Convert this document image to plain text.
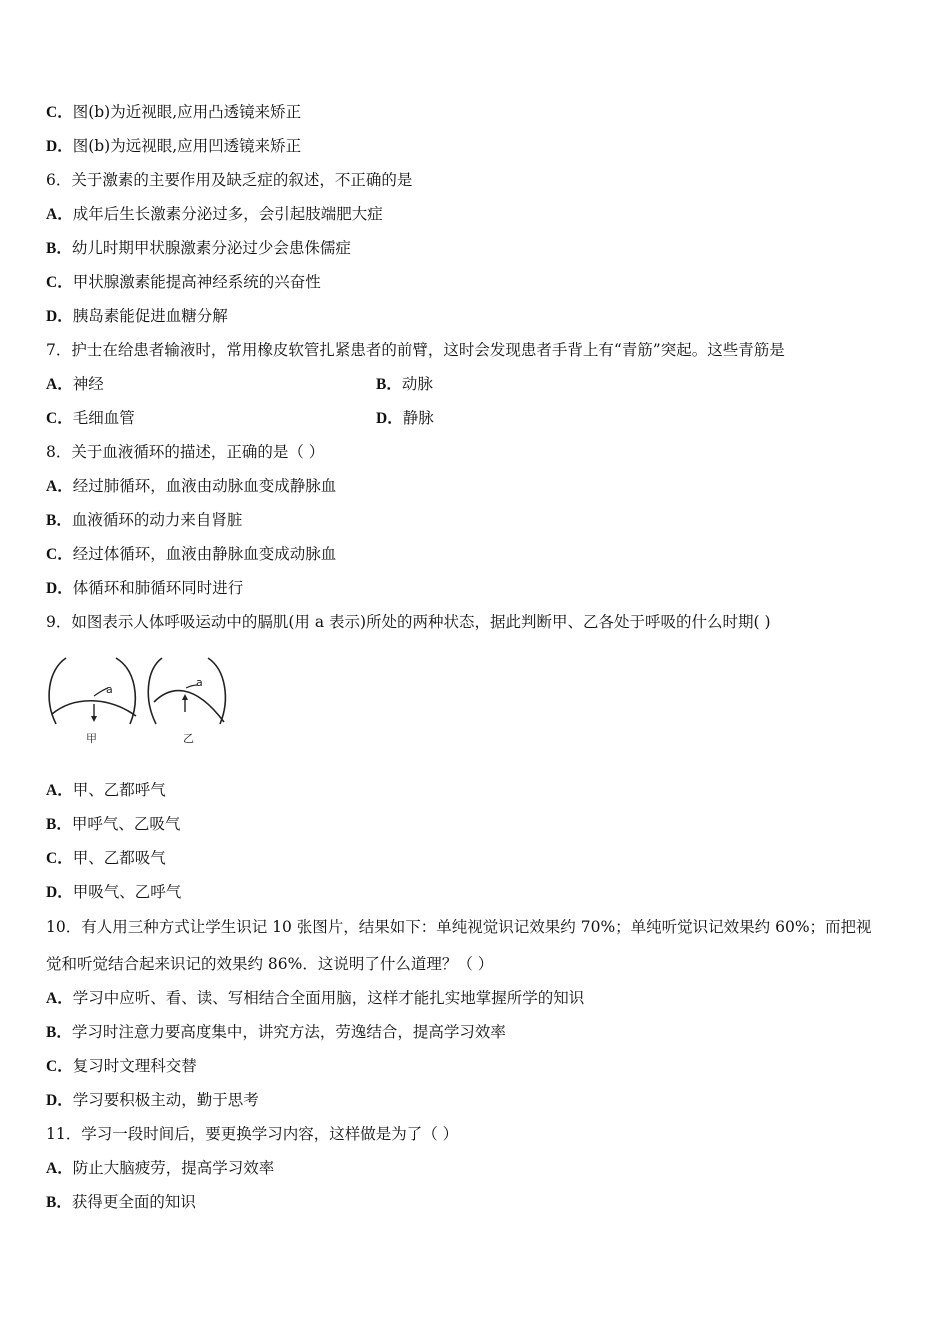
C．图(b)为近视眼,应用凸透镜来矫正
D．图(b)为远视眼,应用凹透镜来矫正
6．关于激素的主要作用及缺乏症的叙述，不正确的是
A．成年后生长激素分泌过多，会引起肢端肥大症
B．幼儿时期甲状腺激素分泌过少会患侏儒症
C．甲状腺激素能提高神经系统的兴奋性
D．胰岛素能促进血糖分解
7．护士在给患者输液时，常用橡皮软管扎紧患者的前臂，这时会发现患者手背上有“青筋”突起。这些青筋是
A．神经	B．动脉
C．毛细血管	D．静脉
8．关于血液循环的描述，正确的是（ ）
A．经过肺循环，血液由动脉血变成静脉血
B．血液循环的动力来自肾脏
C．经过体循环，血液由静脉血变成动脉血
D．体循环和肺循环同时进行
9．如图表示人体呼吸运动中的膈肌(用 a 表示)所处的两种状态，据此判断甲、乙各处于呼吸的什么时期( )
a
甲
a
乙
A．甲、乙都呼气
B．甲呼气、乙吸气
C．甲、乙都吸气
D．甲吸气、乙呼气
10．有人用三种方式让学生识记 10 张图片，结果如下：单纯视觉识记效果约 70%；单纯听觉识记效果约 60%；而把视
觉和听觉结合起来识记的效果约 86%．这说明了什么道理？（ ）
A．学习中应听、看、读、写相结合全面用脑，这样才能扎实地掌握所学的知识
B．学习时注意力要高度集中，讲究方法，劳逸结合，提高学习效率
C．复习时文理科交替
D．学习要积极主动，勤于思考
11．学习一段时间后，要更换学习内容，这样做是为了（ ）
A．防止大脑疲劳，提高学习效率
B．获得更全面的知识
